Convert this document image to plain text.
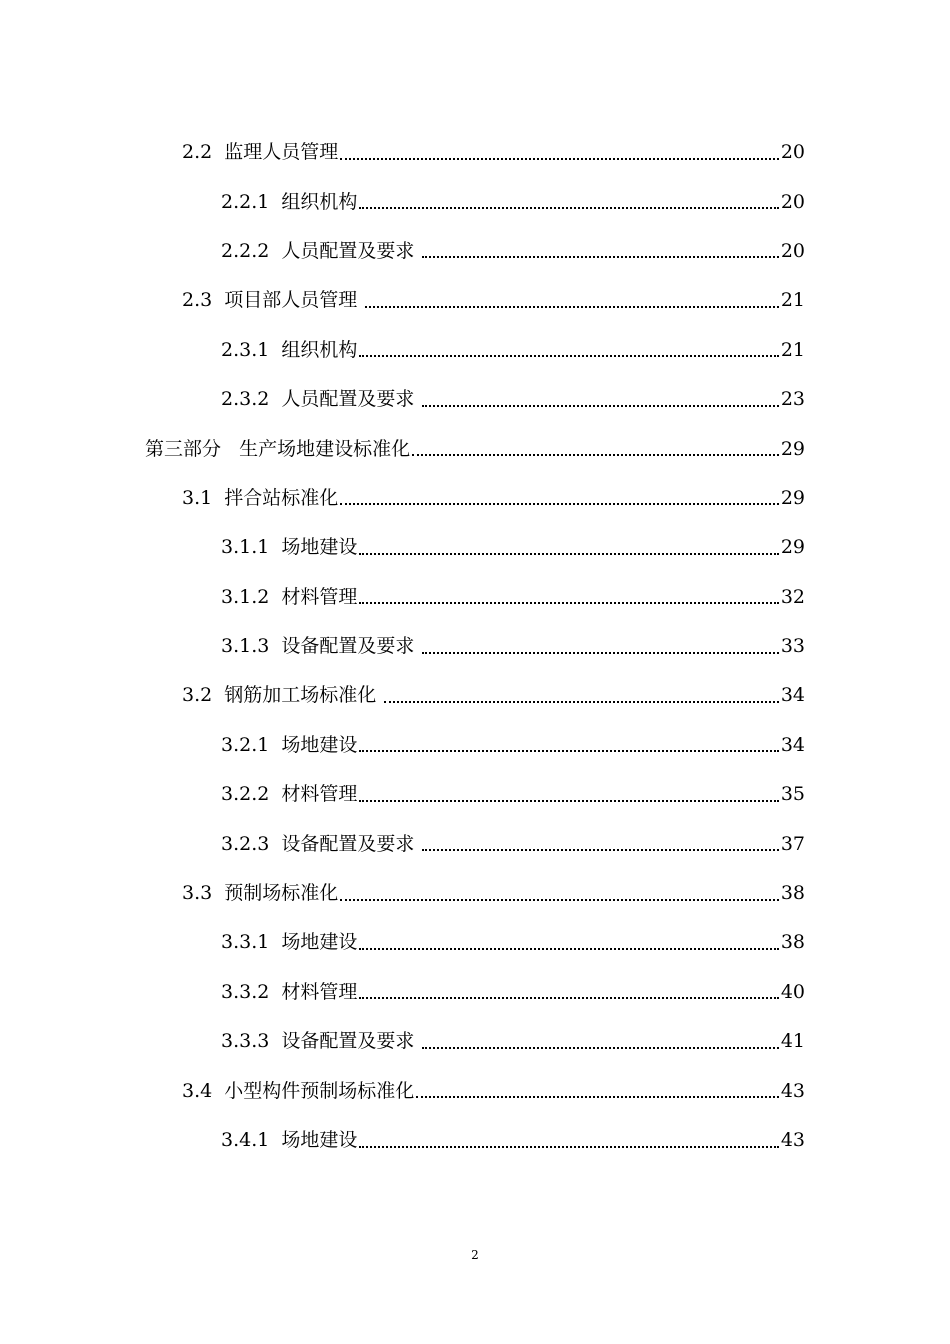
2.2  监理人员管理	20
2.2.1  组织机构	20
2.2.2  人员配置及要求	20
2.3  项目部人员管理	21
2.3.1  组织机构	21
2.3.2  人员配置及要求	23
第三部分   生产场地建设标准化	29
3.1  拌合站标准化	29
3.1.1  场地建设	29
3.1.2  材料管理	32
3.1.3  设备配置及要求	33
3.2  钢筋加工场标准化	34
3.2.1  场地建设	34
3.2.2  材料管理	35
3.2.3  设备配置及要求	37
3.3  预制场标准化	38
3.3.1  场地建设	38
3.3.2  材料管理	40
3.3.3  设备配置及要求	41
3.4  小型构件预制场标准化	43
3.4.1  场地建设	43
2
